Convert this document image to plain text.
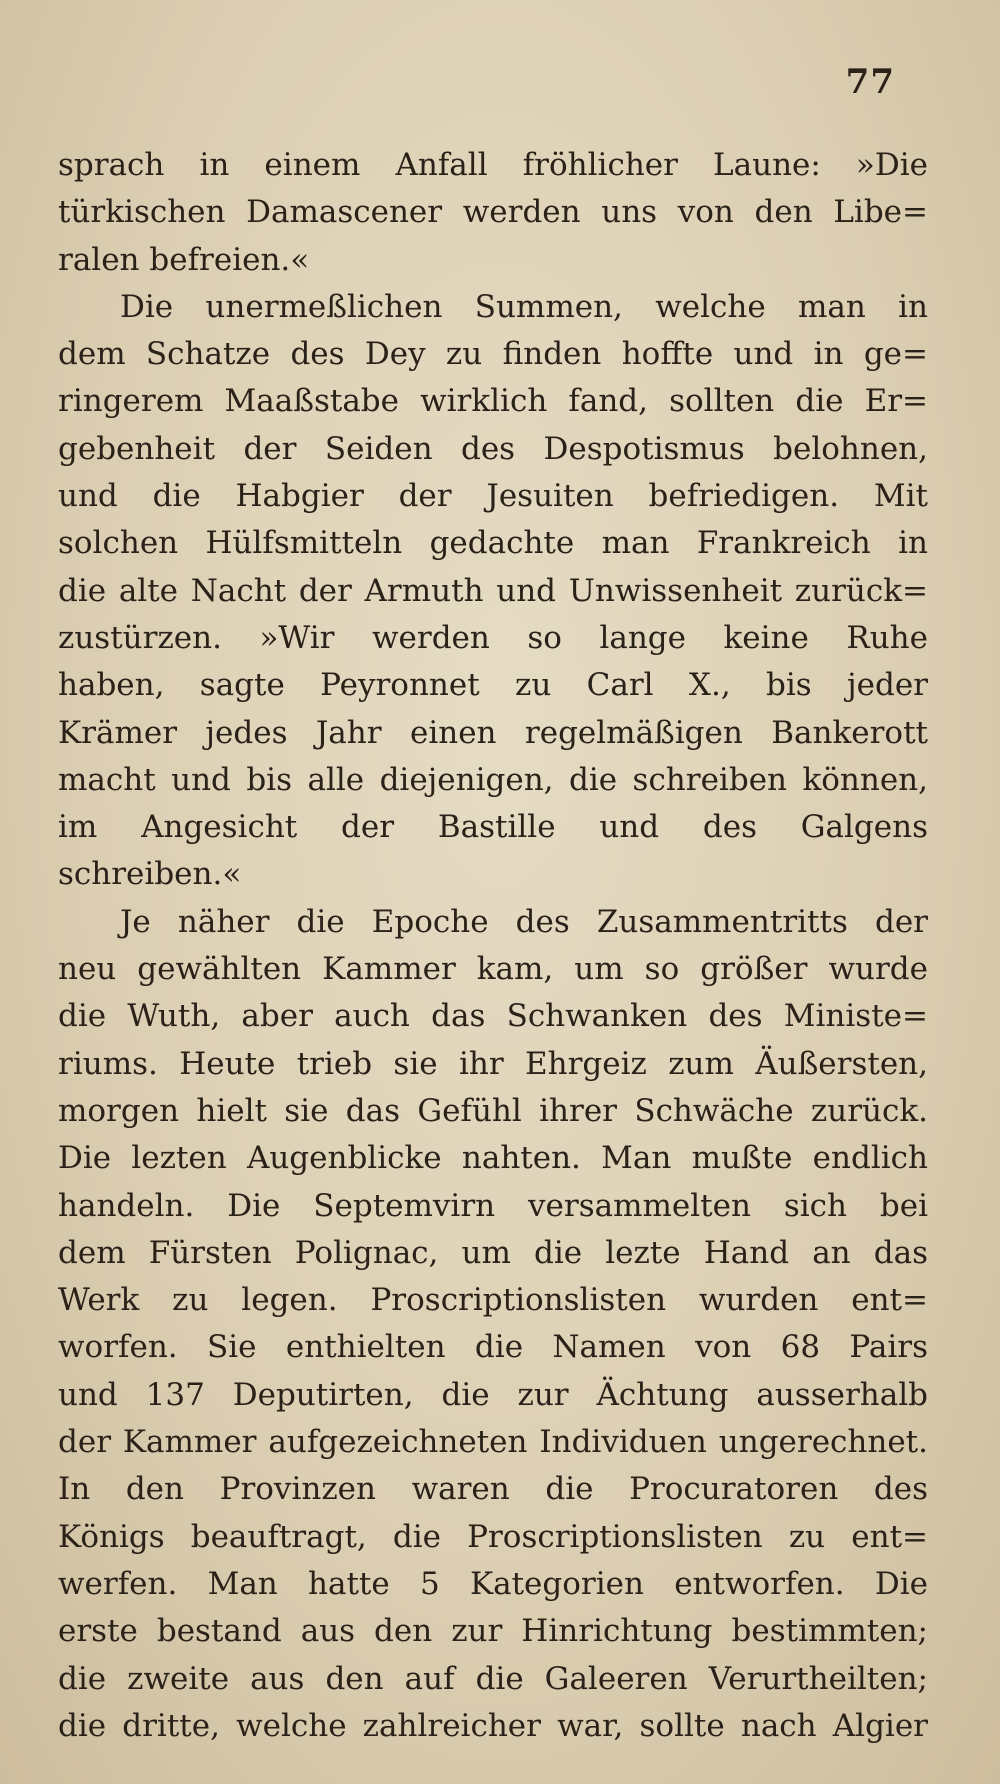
77
sprach in einem Anfall fröhlicher Laune: »Die
türkischen Damascener werden uns von den Libe=
ralen befreien.«
Die unermeßlichen Summen, welche man in
dem Schatze des Dey zu finden hoffte und in ge=
ringerem Maaßstabe wirklich fand, sollten die Er=
gebenheit der Seiden des Despotismus belohnen,
und die Habgier der Jesuiten befriedigen. Mit
solchen Hülfsmitteln gedachte man Frankreich in
die alte Nacht der Armuth und Unwissenheit zurück=
zustürzen. »Wir werden so lange keine Ruhe
haben, sagte Peyronnet zu Carl X., bis jeder
Krämer jedes Jahr einen regelmäßigen Bankerott
macht und bis alle diejenigen, die schreiben können,
im Angesicht der Bastille und des Galgens
schreiben.«
Je näher die Epoche des Zusammentritts der
neu gewählten Kammer kam, um so größer wurde
die Wuth, aber auch das Schwanken des Ministe=
riums. Heute trieb sie ihr Ehrgeiz zum Äußersten,
morgen hielt sie das Gefühl ihrer Schwäche zurück.
Die lezten Augenblicke nahten. Man mußte endlich
handeln. Die Septemvirn versammelten sich bei
dem Fürsten Polignac, um die lezte Hand an das
Werk zu legen. Proscriptionslisten wurden ent=
worfen. Sie enthielten die Namen von 68 Pairs
und 137 Deputirten, die zur Ächtung ausserhalb
der Kammer aufgezeichneten Individuen ungerechnet.
In den Provinzen waren die Procuratoren des
Königs beauftragt, die Proscriptionslisten zu ent=
werfen. Man hatte 5 Kategorien entworfen. Die
erste bestand aus den zur Hinrichtung bestimmten;
die zweite aus den auf die Galeeren Verurtheilten;
die dritte, welche zahlreicher war, sollte nach Algier
